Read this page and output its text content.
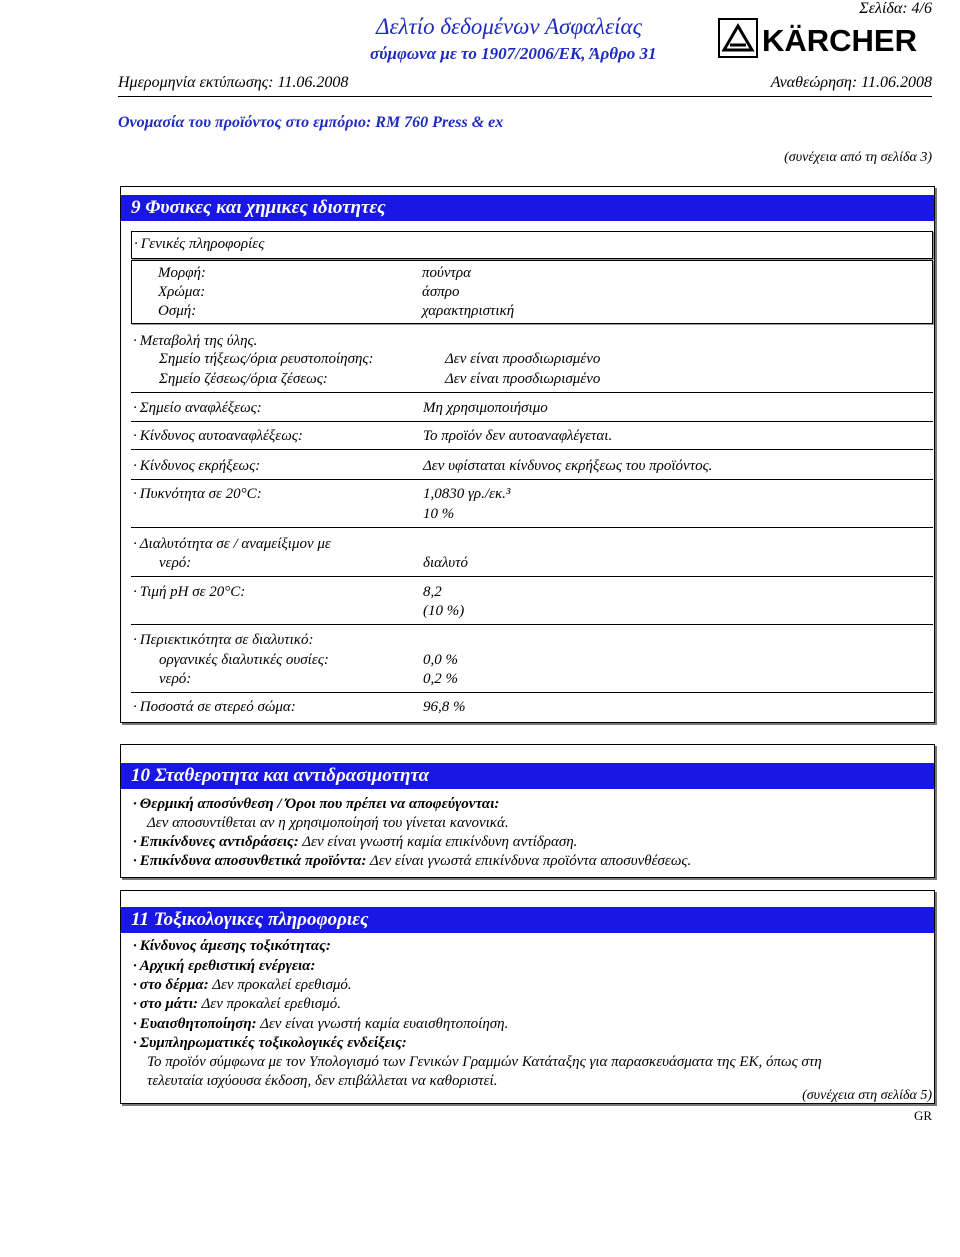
Σελίδα: 4/6
Δελτίο δεδομένων Ασφαλείας
σύμφωνα με το 1907/2006/ΕΚ, Άρθρο 31	KÄRCHER
Ημερομηνία εκτύπωσης: 11.06.2008	Αναθεώρηση: 11.06.2008
Ονομασία του προϊόντος στο εμπόριο: RM 760 Press & ex
(συνέχεια από τη σελίδα 3)
9 Φυσικες και χημικες ιδιοτητες
· Γενικές πληροφορίες
Μορφή:	πούντρα
Χρώμα:	άσπρο
Οσμή:	χαρακτηριστική
· Μεταβολή της ύλης.
Σημείο τήξεως/όρια ρευστοποίησης:	Δεν είναι προσδιωρισμένο
Σημείο ζέσεως/όρια ζέσεως:	Δεν είναι προσδιωρισμένο
· Σημείο αναφλέξεως:	Μη χρησιμοποιήσιμο
· Κίνδυνος αυτοαναφλέξεως:	Το προϊόν δεν αυτοαναφλέγεται.
· Κίνδυνος εκρήξεως:	Δεν υφίσταται κίνδυνος εκρήξεως του προϊόντος.
· Πυκνότητα σε 20°C:	1,0830 γρ./εκ.³
10 %
· Διαλυτότητα σε / αναμείξιμον με
νερό:	διαλυτό
· Τιμή pH σε 20°C:	8,2
(10 %)
· Περιεκτικότητα σε διαλυτικό:
οργανικές διαλυτικές ουσίες:	0,0 %
νερό:	0,2 %
· Ποσοστά σε στερεό σώμα:	96,8 %
10 Σταθεροτητα και αντιδρασιμοτητα
· Θερμική αποσύνθεση / Όροι που πρέπει να αποφεύγονται:
Δεν αποσυντίθεται αν η χρησιμοποίησή του γίνεται κανονικά.
· Επικίνδυνες αντιδράσεις: Δεν είναι γνωστή καμία επικίνδυνη αντίδραση.
· Επικίνδυνα αποσυνθετικά προϊόντα: Δεν είναι γνωστά επικίνδυνα προϊόντα αποσυνθέσεως.
11 Τοξικολογικες πληροφοριες
· Κίνδυνος άμεσης τοξικότητας:
· Αρχική ερεθιστική ενέργεια:
· στο δέρμα: Δεν προκαλεί ερεθισμό.
· στο μάτι: Δεν προκαλεί ερεθισμό.
· Ευαισθητοποίηση: Δεν είναι γνωστή καμία ευαισθητοποίηση.
· Συμπληρωματικές τοξικολογικές ενδείξεις:
Το προϊόν σύμφωνα με τον Υπολογισμό των Γενικών Γραμμών Κατάταξης για παρασκευάσματα της ΕΚ, όπως στη
τελευταία ισχύουσα έκδοση, δεν επιβάλλεται να καθοριστεί.
(συνέχεια στη σελίδα 5)
GR
